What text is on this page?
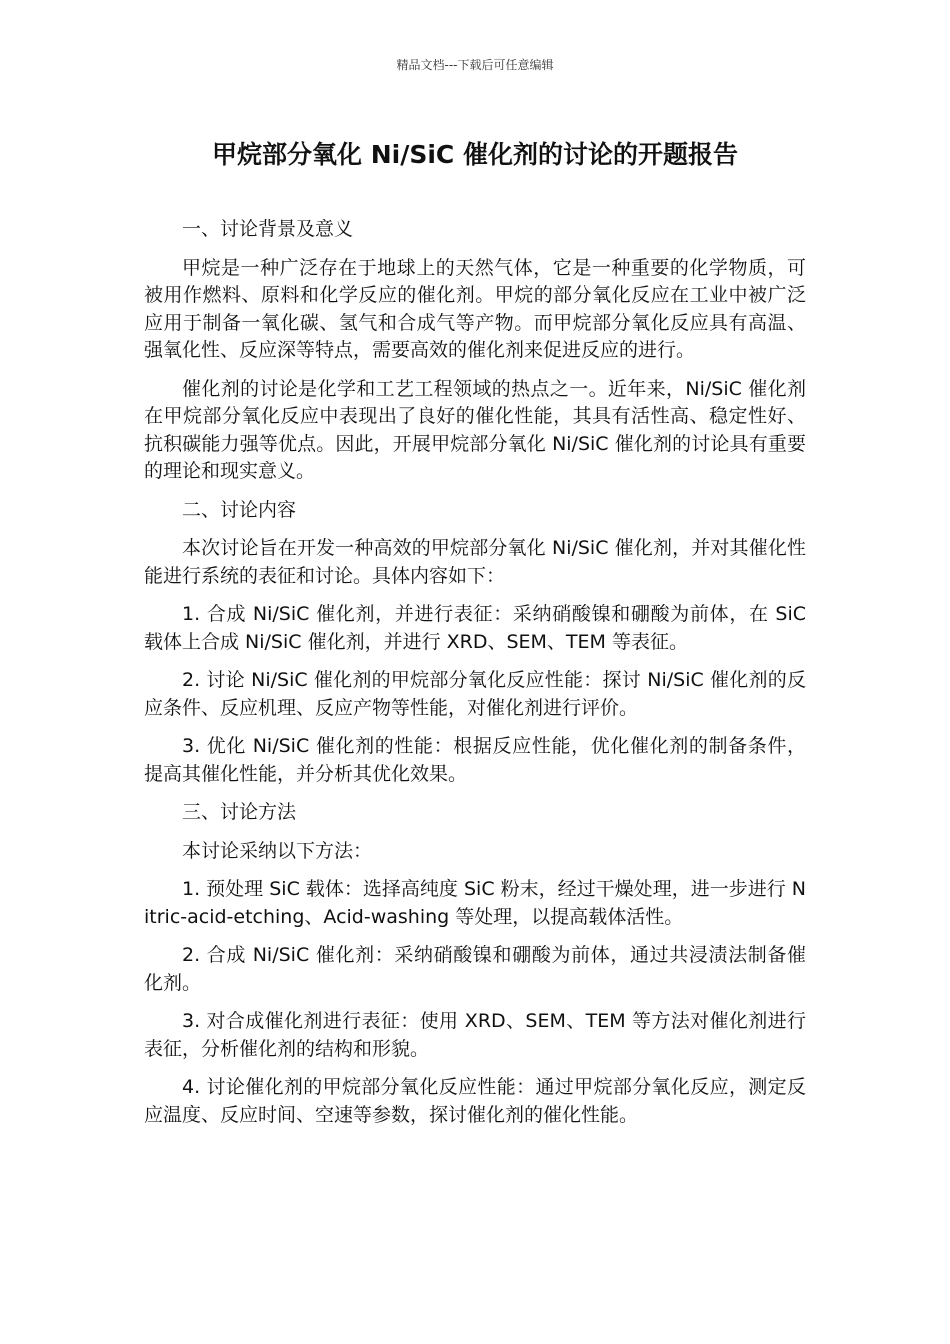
精品文档---下载后可任意编辑
甲烷部分氧化 Ni/SiC 催化剂的讨论的开题报告

一、讨论背景及意义

甲烷是一种广泛存在于地球上的天然气体，它是一种重要的化学物质，可被用作燃料、原料和化学反应的催化剂。甲烷的部分氧化反应在工业中被广泛应用于制备一氧化碳、氢气和合成气等产物。而甲烷部分氧化反应具有高温、强氧化性、反应深等特点，需要高效的催化剂来促进反应的进行。

催化剂的讨论是化学和工艺工程领域的热点之一。近年来，Ni/SiC 催化剂在甲烷部分氧化反应中表现出了良好的催化性能，其具有活性高、稳定性好、抗积碳能力强等优点。因此，开展甲烷部分氧化 Ni/SiC 催化剂的讨论具有重要的理论和现实意义。

二、讨论内容

本次讨论旨在开发一种高效的甲烷部分氧化 Ni/SiC 催化剂，并对其催化性能进行系统的表征和讨论。具体内容如下：

1. 合成 Ni/SiC 催化剂，并进行表征：采纳硝酸镍和硼酸为前体，在 SiC 载体上合成 Ni/SiC 催化剂，并进行 XRD、SEM、TEM 等表征。

2. 讨论 Ni/SiC 催化剂的甲烷部分氧化反应性能：探讨 Ni/SiC 催化剂的反应条件、反应机理、反应产物等性能，对催化剂进行评价。

3. 优化 Ni/SiC 催化剂的性能：根据反应性能，优化催化剂的制备条件，提高其催化性能，并分析其优化效果。

三、讨论方法

本讨论采纳以下方法：

1. 预处理 SiC 载体：选择高纯度 SiC 粉末，经过干燥处理，进一步进行 Nitric-acid-etching、Acid-washing 等处理，以提高载体活性。

2. 合成 Ni/SiC 催化剂：采纳硝酸镍和硼酸为前体，通过共浸渍法制备催化剂。

3. 对合成催化剂进行表征：使用 XRD、SEM、TEM 等方法对催化剂进行表征，分析催化剂的结构和形貌。

4. 讨论催化剂的甲烷部分氧化反应性能：通过甲烷部分氧化反应，测定反应温度、反应时间、空速等参数，探讨催化剂的催化性能。
